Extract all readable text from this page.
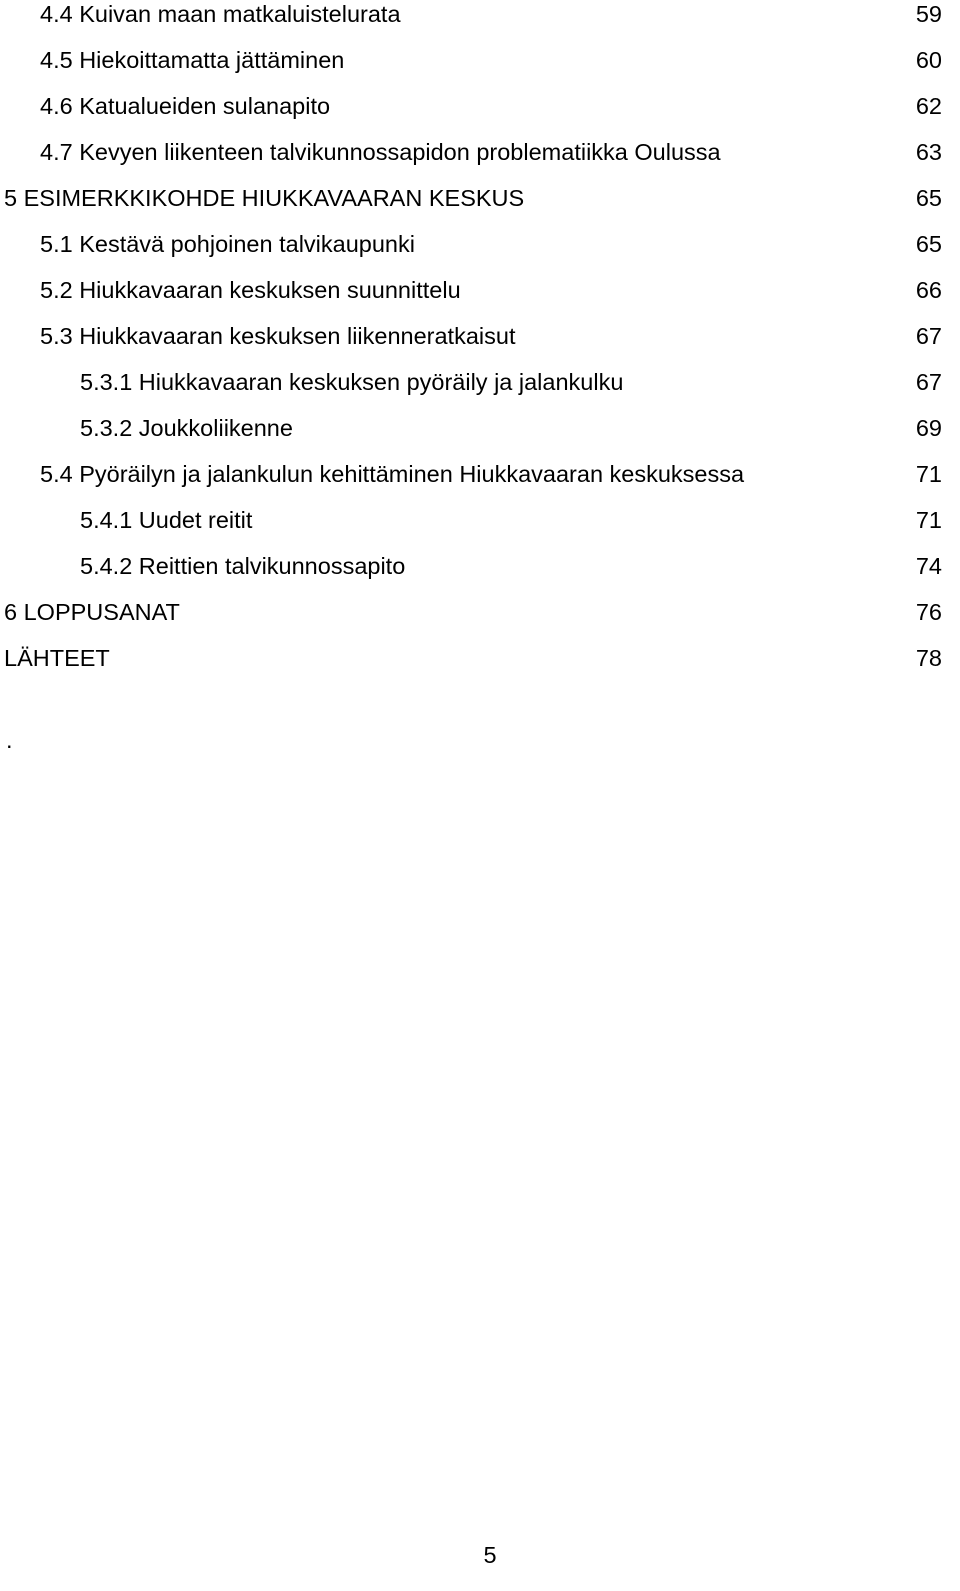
4.4 Kuivan maan matkaluistelurata	59
4.5 Hiekoittamatta jättäminen	60
4.6 Katualueiden sulanapito	62
4.7 Kevyen liikenteen talvikunnossapidon problematiikka Oulussa	63
5 ESIMERKKIKOHDE HIUKKAVAARAN KESKUS	65
5.1 Kestävä pohjoinen talvikaupunki	65
5.2 Hiukkavaaran keskuksen suunnittelu	66
5.3 Hiukkavaaran keskuksen liikenneratkaisut	67
5.3.1 Hiukkavaaran keskuksen pyöräily ja jalankulku	67
5.3.2 Joukkoliikenne	69
5.4 Pyöräilyn ja jalankulun kehittäminen Hiukkavaaran keskuksessa	71
5.4.1 Uudet reitit	71
5.4.2 Reittien talvikunnossapito	74
6 LOPPUSANAT	76
LÄHTEET	78
.
5
